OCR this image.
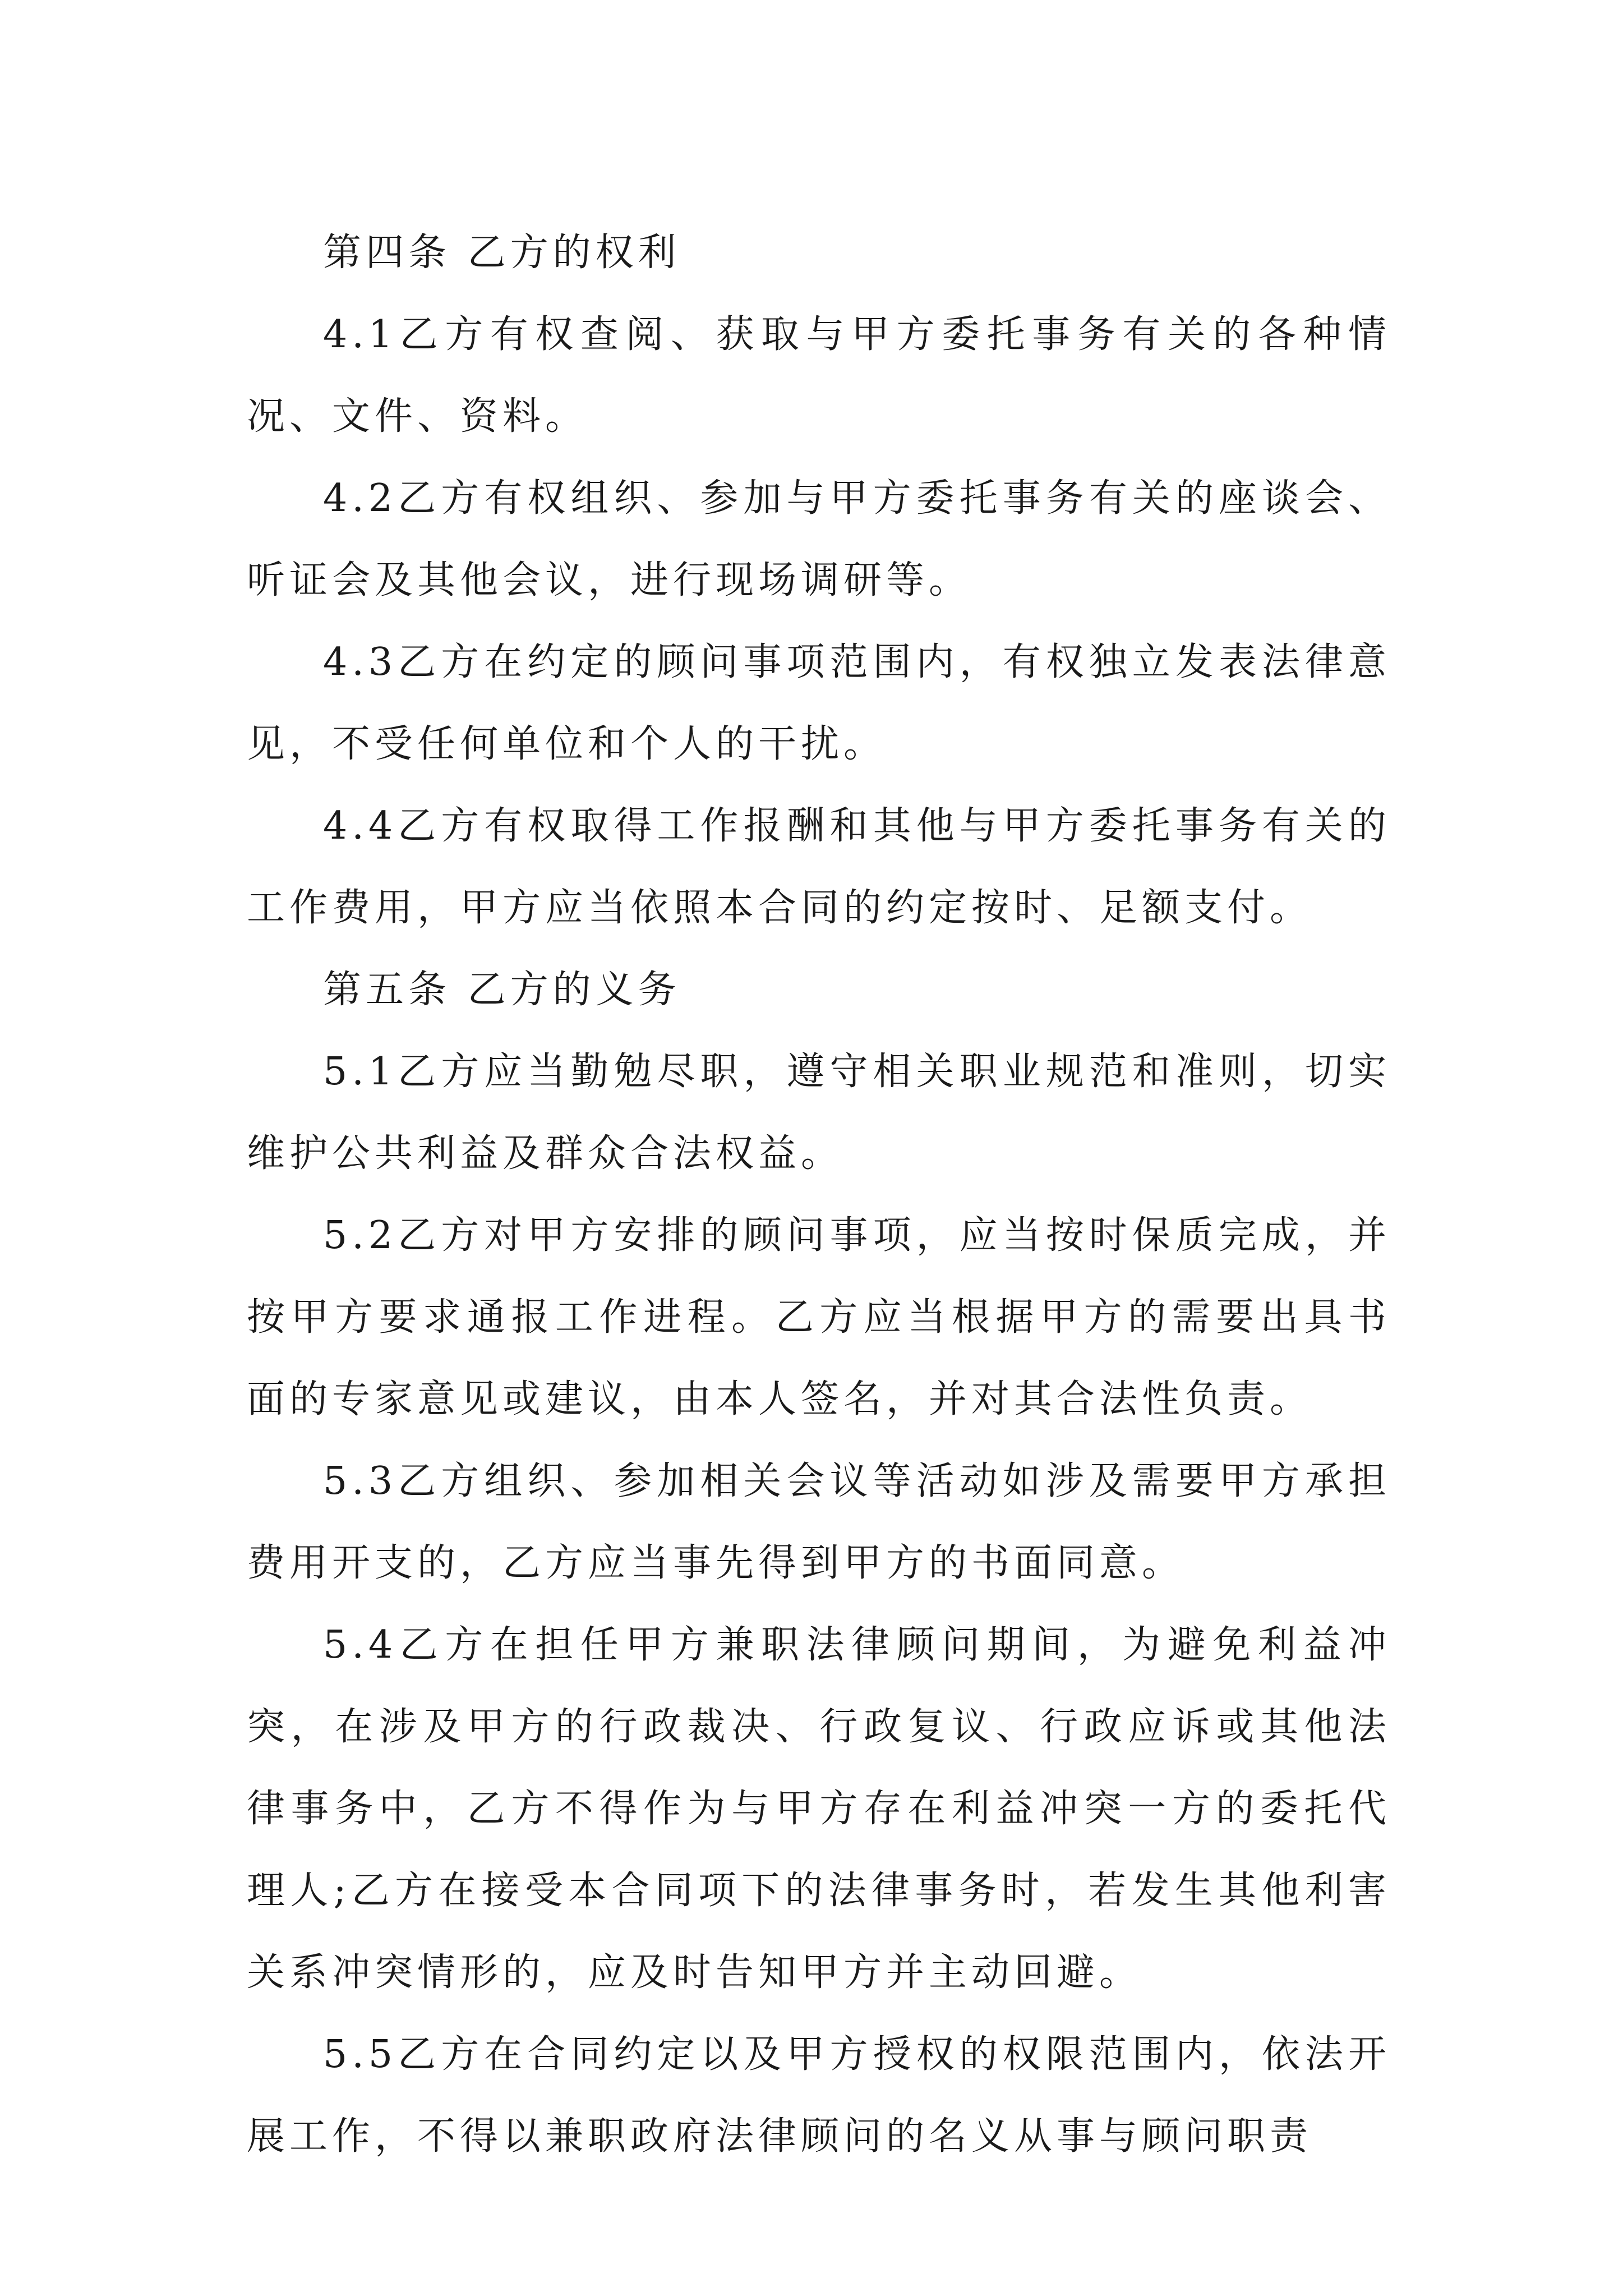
第四条 乙方的权利

4.1乙方有权查阅、获取与甲方委托事务有关的各种情况、文件、资料。

4.2乙方有权组织、参加与甲方委托事务有关的座谈会、听证会及其他会议，进行现场调研等。

4.3乙方在约定的顾问事项范围内，有权独立发表法律意见，不受任何单位和个人的干扰。

4.4乙方有权取得工作报酬和其他与甲方委托事务有关的工作费用，甲方应当依照本合同的约定按时、足额支付。

第五条 乙方的义务

5.1乙方应当勤勉尽职，遵守相关职业规范和准则，切实维护公共利益及群众合法权益。

5.2乙方对甲方安排的顾问事项，应当按时保质完成，并按甲方要求通报工作进程。乙方应当根据甲方的需要出具书面的专家意见或建议，由本人签名，并对其合法性负责。

5.3乙方组织、参加相关会议等活动如涉及需要甲方承担费用开支的，乙方应当事先得到甲方的书面同意。

5.4乙方在担任甲方兼职法律顾问期间，为避免利益冲突，在涉及甲方的行政裁决、行政复议、行政应诉或其他法律事务中，乙方不得作为与甲方存在利益冲突一方的委托代理人;乙方在接受本合同项下的法律事务时，若发生其他利害关系冲突情形的，应及时告知甲方并主动回避。

5.5乙方在合同约定以及甲方授权的权限范围内，依法开展工作，不得以兼职政府法律顾问的名义从事与顾问职责
